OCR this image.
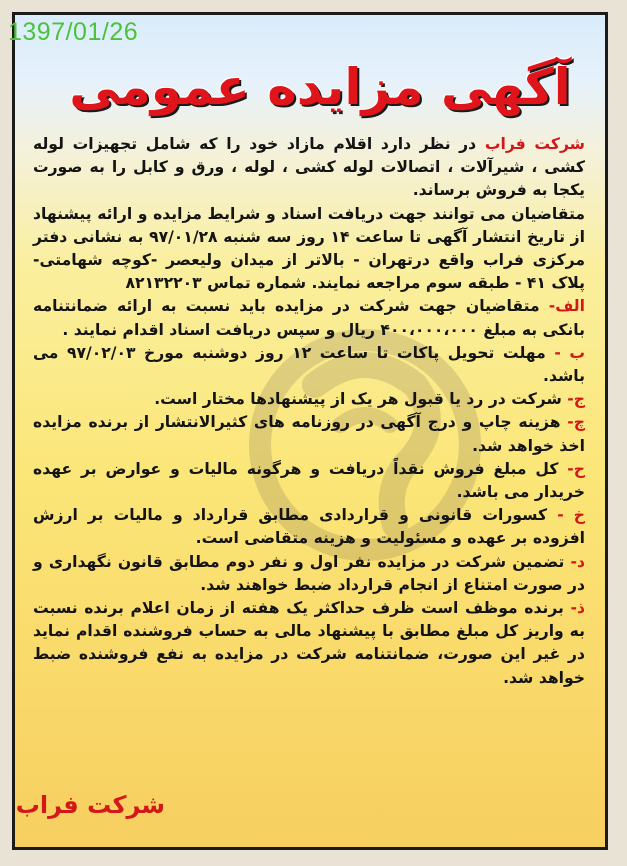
آگهی مزایده عمومی

شرکت فراب در نظر دارد اقلام مازاد خود را که شامل تجهیزات لوله کشی ، شیرآلات ، اتصالات لوله کشی ، لوله ، ورق و کابل را به صورت یکجا به فروش برساند.

متقاضیان می توانند جهت دریافت اسناد و شرایط مزایده و ارائه پیشنهاد از تاریخ انتشار آگهی تا ساعت ۱۴ روز سه شنبه ۹۷/۰۱/۲۸ به نشانی دفتر مرکزی فراب واقع درتهران - بالاتر از میدان ولیعصر -کوچه شهامتی- پلاک ۴۱ - طبقه سوم مراجعه نمایند. شماره تماس ۸۲۱۳۲۲۰۳

الف- متقاضیان جهت شرکت در مزایده باید نسبت به ارائه ضمانتنامه بانکی به مبلغ ۴۰۰،۰۰۰،۰۰۰ ریال و سپس دریافت اسناد اقدام نمایند .

ب - مهلت تحویل پاکات تا ساعت ۱۲ روز دوشنبه مورخ ۹۷/۰۲/۰۳ می باشد.

ج- شرکت در رد یا قبول هر یک از پیشنهادها مختار است.

چ- هزینه چاپ و درج آگهی در روزنامه های کثیرالانتشار از برنده مزایده اخذ خواهد شد.

ح- کل مبلغ فروش نقداً دریافت و هرگونه مالیات و عوارض بر عهده خریدار می باشد.

خ - کسورات قانونی و قراردادی مطابق قرارداد و مالیات بر ارزش افزوده بر عهده و مسئولیت و هزینه متقاضی است.

د- تضمین شرکت در مزایده نفر اول و نفر دوم مطابق قانون نگهداری و در صورت امتناع از انجام قرارداد ضبط خواهند شد.

ذ- برنده موظف است ظرف حداکثر یک هفته از زمان اعلام برنده نسبت به واریز کل مبلغ مطابق با پیشنهاد مالی به حساب فروشنده اقدام نماید در غیر این صورت، ضمانتنامه شرکت در مزایده به نفع فروشنده ضبط خواهد شد.

شرکت فراب
1397/01/26
